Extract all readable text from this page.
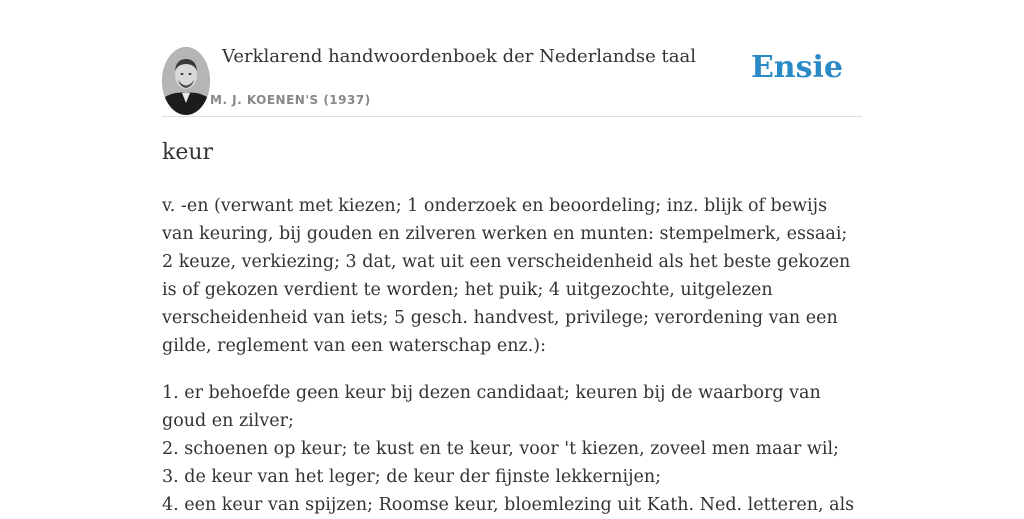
Verklarend handwoordenboek der Nederlandse taal
M. J. KOENEN'S (1937)
Ensie
keur
v. -en (verwant met kiezen; 1 onderzoek en beoordeling; inz. blijk of bewijs van keuring, bij gouden en zilveren werken en munten: stempelmerk, essaai; 2 keuze, verkiezing; 3 dat, wat uit een verscheidenheid als het beste gekozen is of gekozen verdient te worden; het puik; 4 uitgezochte, uitgelezen verscheidenheid van iets; 5 gesch. handvest, privilege; verordening van een gilde, reglement van een waterschap enz.):
1. er behoefde geen keur bij dezen candidaat; keuren bij de waarborg van goud en zilver;
2. schoenen op keur; te kust en te keur, voor 't kiezen, zoveel men maar wil;
3. de keur van het leger; de keur der fijnste lekkernijen;
4. een keur van spijzen; Roomse keur, bloemlezing uit Kath. Ned. letteren, als
